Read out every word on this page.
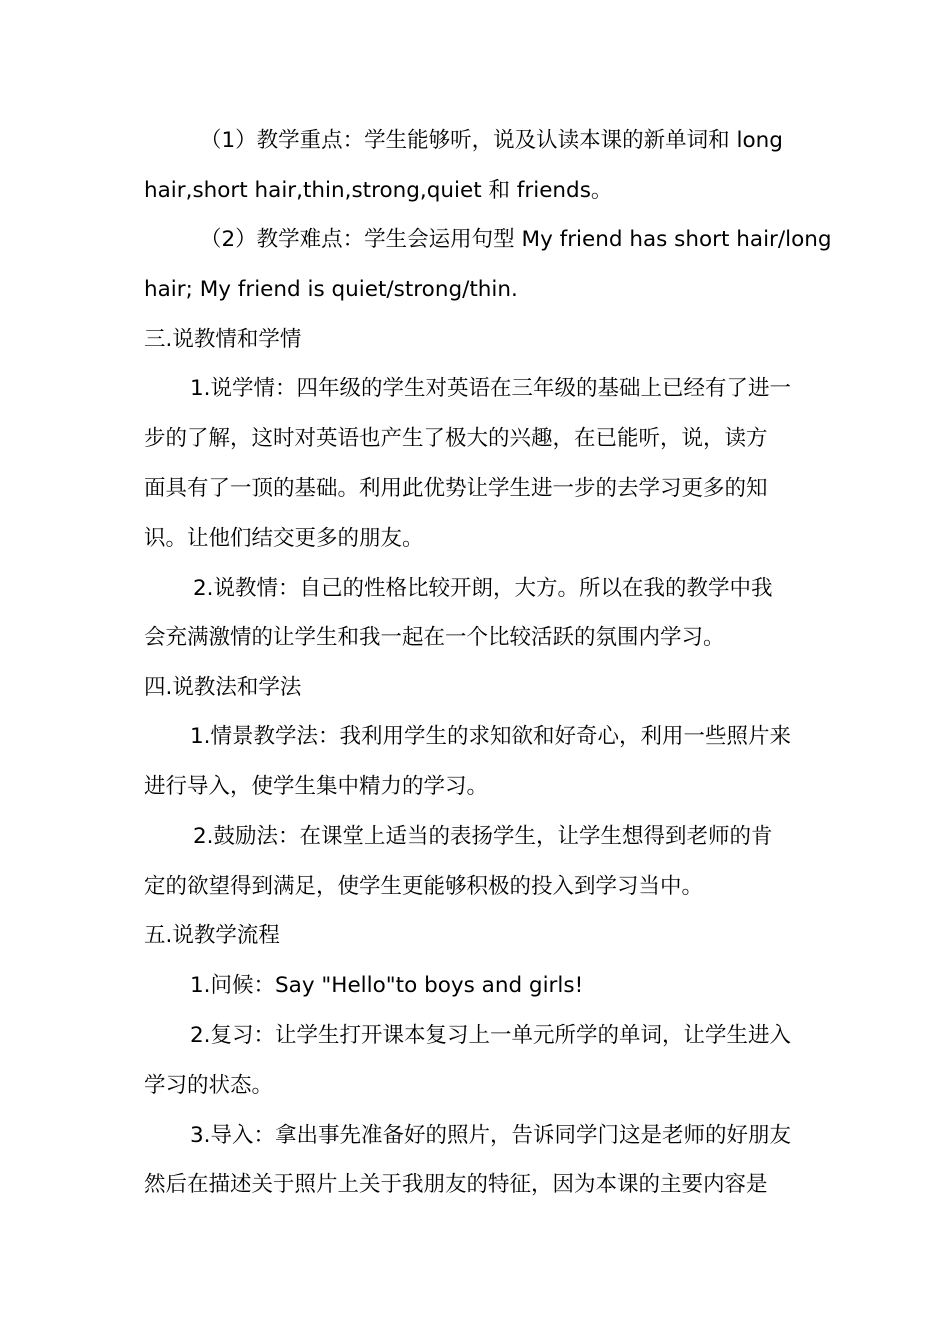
（1）教学重点：学生能够听，说及认读本课的新单词和 long
hair,short hair,thin,strong,quiet 和 friends。
（2）教学难点：学生会运用句型 My friend has short hair/long
hair; My friend is quiet/strong/thin.
三.说教情和学情
1.说学情：四年级的学生对英语在三年级的基础上已经有了进一
步的了解，这时对英语也产生了极大的兴趣，在已能听，说，读方
面具有了一顶的基础。利用此优势让学生进一步的去学习更多的知
识。让他们结交更多的朋友。
2.说教情：自己的性格比较开朗，大方。所以在我的教学中我
会充满激情的让学生和我一起在一个比较活跃的氛围内学习。
四.说教法和学法
1.情景教学法：我利用学生的求知欲和好奇心，利用一些照片来
进行导入，使学生集中精力的学习。
2.鼓励法：在课堂上适当的表扬学生，让学生想得到老师的肯
定的欲望得到满足，使学生更能够积极的投入到学习当中。
五.说教学流程
1.问候：Say "Hello"to boys and girls!
2.复习：让学生打开课本复习上一单元所学的单词，让学生进入
学习的状态。
3.导入：拿出事先准备好的照片，告诉同学门这是老师的好朋友
然后在描述关于照片上关于我朋友的特征，因为本课的主要内容是
